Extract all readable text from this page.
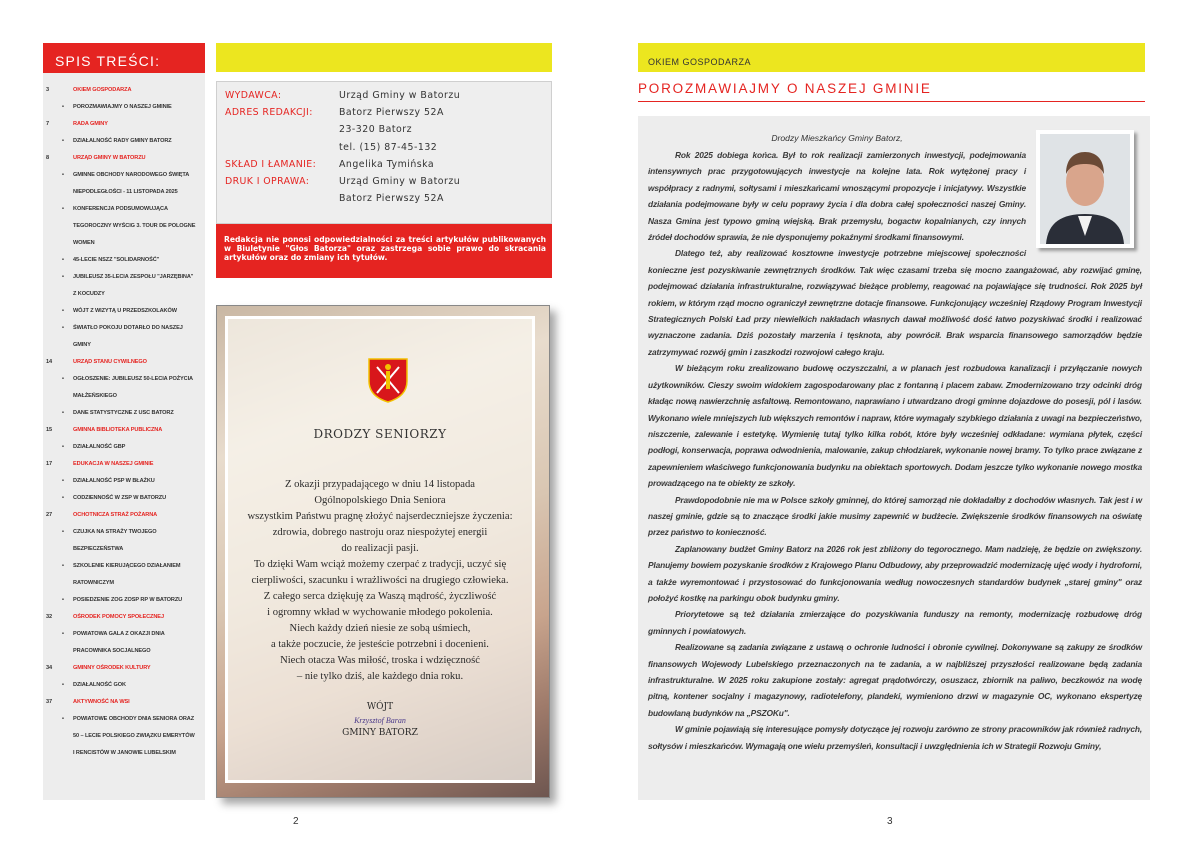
SPIS TREŚCI:
3	OKIEM GOSPODARZA
•	POROZMAWIAJMY O NASZEJ GMINIE
7	RADA GMINY
•	DZIAŁALNOŚĆ RADY GMINY BATORZ
8	URZĄD GMINY W BATORZU
•	GMINNE OBCHODY NARODOWEGO ŚWIĘTA
NIEPODLEGŁOŚCI - 11 LISTOPADA 2025
•	KONFERENCJA PODSUMOWUJĄCA
TEGOROCZNY WYŚCIG 3. TOUR DE POLOGNE
WOMEN
•	45-LECIE NSZZ "SOLIDARNOŚĆ"
•	JUBILEUSZ 35-LECIA ZESPOŁU "JARZĘBINA"
Z KOCUDZY
•	WÓJT Z WIZYTĄ U PRZEDSZKOLAKÓW
•	ŚWIATŁO POKOJU DOTARŁO DO NASZEJ
GMINY
14	URZĄD STANU CYWILNEGO
•	OGŁOSZENIE: JUBILEUSZ 50-LECIA POŻYCIA
MAŁŻEŃSKIEGO
•	DANE STATYSTYCZNE Z USC BATORZ
15	GMINNA BIBLIOTEKA PUBLICZNA
•	DZIAŁALNOŚĆ GBP
17	EDUKACJA W NASZEJ GMINIE
•	DZIAŁALNOŚĆ PSP W BŁAŻKU
•	CODZIENNOŚĆ W ZSP W BATORZU
27	OCHOTNICZA STRAŻ POŻARNA
•	CZUJKA NA STRAŻY TWOJEGO
BEZPIECZEŃSTWA
•	SZKOLENIE KIERUJĄCEGO DZIAŁANIEM
RATOWNICZYM
•	POSIEDZENIE ZOG ZOSP RP W BATORZU
32	OŚRODEK POMOCY SPOŁECZNEJ
•	POWIATOWA GALA Z OKAZJI DNIA
PRACOWNIKA SOCJALNEGO
34	GMINNY OŚRODEK KULTURY
•	DZIAŁALNOŚĆ GOK
37	AKTYWNOŚĆ NA WSI
•	POWIATOWE OBCHODY DNIA SENIORA ORAZ
50 – LECIE POLSKIEGO ZWIĄZKU EMERYTÓW
I RENCISTÓW W JANOWIE LUBELSKIM
WYDAWCA:	Urząd Gminy w Batorzu
ADRES REDAKCJI:	Batorz Pierwszy 52A
23-320 Batorz
tel. (15) 87-45-132
SKŁAD I ŁAMANIE:	Angelika Tymińska
DRUK I OPRAWA:	Urząd Gminy w Batorzu
Batorz Pierwszy 52A
Redakcja nie ponosi odpowiedzialności za treści artykułów publikowanych w Biuletynie "Głos Batorza" oraz zastrzega sobie prawo do skracania artykułów oraz do zmiany ich tytułów.
DRODZY SENIORZY
Z okazji przypadającego w dniu 14 listopada
Ogólnopolskiego Dnia Seniora
wszystkim Państwu pragnę złożyć najserdeczniejsze życzenia:
zdrowia, dobrego nastroju oraz niespożytej energii
do realizacji pasji.
To dzięki Wam wciąż możemy czerpać z tradycji, uczyć się
cierpliwości, szacunku i wrażliwości na drugiego człowieka.
Z całego serca dziękuję za Waszą mądrość, życzliwość
i ogromny wkład w wychowanie młodego pokolenia.
Niech każdy dzień niesie ze sobą uśmiech,
a także poczucie, że jesteście potrzebni i docenieni.
Niech otacza Was miłość, troska i wdzięczność
– nie tylko dziś, ale każdego dnia roku.
WÓJT
Krzysztof Baran
GMINY BATORZ
2	3
OKIEM GOSPODARZA
POROZMAWIAJMY O NASZEJ GMINIE
Drodzy Mieszkańcy Gminy Batorz,

Rok 2025 dobiega końca. Był to rok realizacji zamierzonych inwestycji, podejmowania intensywnych prac przygotowujących inwestycje na kolejne lata. Rok wytężonej pracy i współpracy z radnymi, sołtysami i mieszkańcami wnoszącymi propozycje i inicjatywy. Wszystkie działania podejmowane były w celu poprawy życia i dla dobra całej społeczności naszej Gminy. Nasza Gmina jest typowo gminą wiejską. Brak przemysłu, bogactw kopalnianych, czy innych źródeł dochodów sprawia, że nie dysponujemy pokaźnymi środkami finansowymi.

Dlatego też, aby realizować kosztowne inwestycje potrzebne miejscowej społeczności konieczne jest pozyskiwanie zewnętrznych środków. Tak więc czasami trzeba się mocno zaangażować, aby rozwijać gminę, podejmować działania infrastrukturalne, rozwiązywać bieżące problemy, reagować na pojawiające się trudności. Rok 2025 był rokiem, w którym rząd mocno ograniczył zewnętrzne dotacje finansowe. Funkcjonujący wcześniej Rządowy Program Inwestycji Strategicznych Polski Ład przy niewielkich nakładach własnych dawał możliwość dość łatwo pozyskiwać środki i realizować wyznaczone zadania. Dziś pozostały marzenia i tęsknota, aby powrócił. Brak wsparcia finansowego samorządów będzie zatrzymywać rozwój gmin i zaszkodzi rozwojowi całego kraju.

W bieżącym roku zrealizowano budowę oczyszczalni, a w planach jest rozbudowa kanalizacji i przyłączanie nowych użytkowników. Cieszy swoim widokiem zagospodarowany plac z fontanną i placem zabaw. Zmodernizowano trzy odcinki dróg kładąc nową nawierzchnię asfaltową. Remontowano, naprawiano i utwardzano drogi gminne dojazdowe do posesji, pól i lasów. Wykonano wiele mniejszych lub większych remontów i napraw, które wymagały szybkiego działania z uwagi na bezpieczeństwo, niszczenie, zalewanie i estetykę. Wymienię tutaj tylko kilka robót, które były wcześniej odkładane: wymiana płytek, części podłogi, konserwacja, poprawa odwodnienia, malowanie, zakup chłodziarek, wykonanie nowej bramy. To tylko prace związane z zapewnieniem właściwego funkcjonowania budynku na obiektach sportowych. Dodam jeszcze tylko wykonanie nowego mostka prowadzącego na te obiekty ze szkoły.

Prawdopodobnie nie ma w Polsce szkoły gminnej, do której samorząd nie dokładałby z dochodów własnych. Tak jest i w naszej gminie, gdzie są to znaczące środki jakie musimy zapewnić w budżecie. Zwiększenie środków finansowych na oświatę przez państwo to konieczność.

Zaplanowany budżet Gminy Batorz na 2026 rok jest zbliżony do tegorocznego. Mam nadzieję, że będzie on zwiększony. Planujemy bowiem pozyskanie środków z Krajowego Planu Odbudowy, aby przeprowadzić modernizację ujęć wody i hydroforni, a także wyremontować i przystosować do funkcjonowania według nowoczesnych standardów budynek „starej gminy" oraz położyć kostkę na parkingu obok budynku gminy.

Priorytetowe są też działania zmierzające do pozyskiwania funduszy na remonty, modernizację rozbudowę dróg gminnych i powiatowych.

Realizowane są zadania związane z ustawą o ochronie ludności i obronie cywilnej. Dokonywane są zakupy ze środków finansowych Wojewody Lubelskiego przeznaczonych na te zadania, a w najbliższej przyszłości realizowane będą zadania infrastrukturalne. W 2025 roku zakupione zostały: agregat prądotwórczy, osuszacz, zbiornik na paliwo, beczkowóz na wodę pitną, kontener socjalny i magazynowy, radiotelefony, plandeki, wymieniono drzwi w magazynie OC, wykonano ekspertyzę budowlaną budynków na „PSZOKu".

W gminie pojawiają się interesujące pomysły dotyczące jej rozwoju zarówno ze strony pracowników jak również radnych, sołtysów i mieszkańców. Wymagają one wielu przemyśleń, konsultacji i uwzględnienia ich w Strategii Rozwoju Gminy,
